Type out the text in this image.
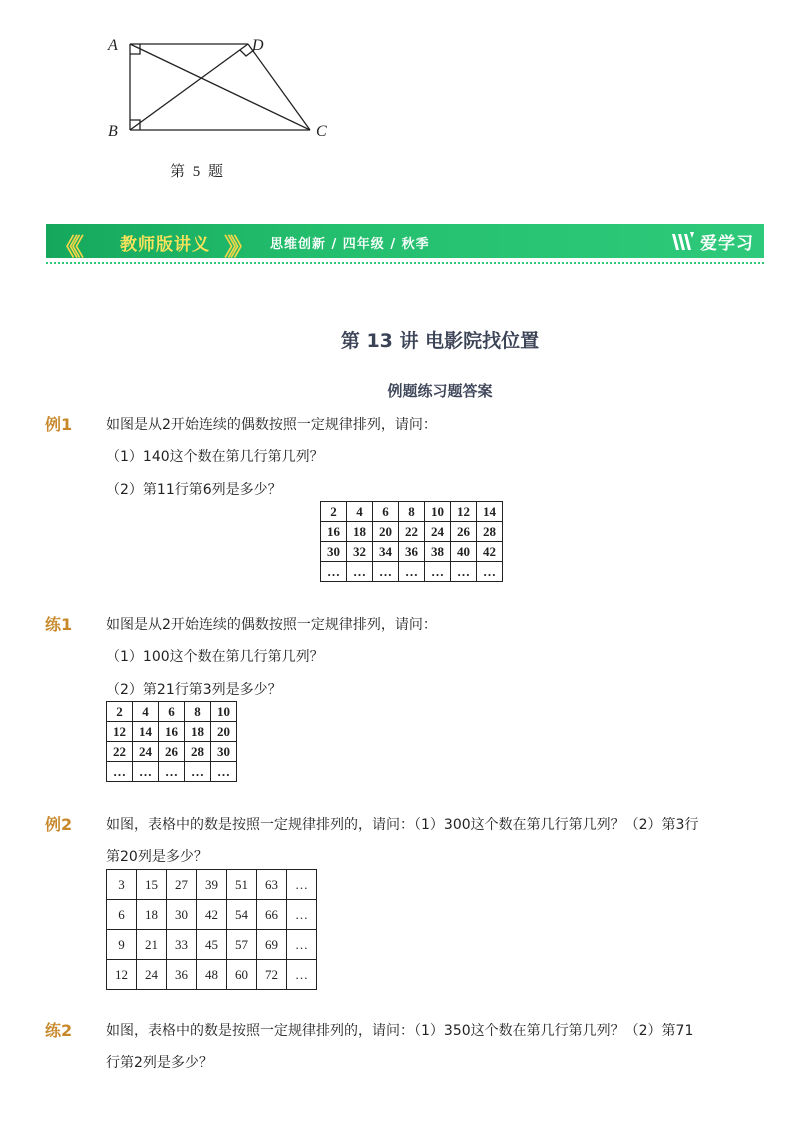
A	D
B	C
第 5 题
《《 教师版讲义 》》 思维创新 / 四年级 / 秋季	爱学习
第 13 讲 电影院找位置
例题练习题答案
例1 如图是从2开始连续的偶数按照一定规律排列，请问：
（1）140这个数在第几行第几列？
（2）第11行第6列是多少？
2	4	6	8	10	12	14
16	18	20	22	24	26	28
30	32	34	36	38	40	42
…	…	…	…	…	…	…
练1 如图是从2开始连续的偶数按照一定规律排列，请问：
（1）100这个数在第几行第几列？
（2）第21行第3列是多少？
2	4	6	8	10
12	14	16	18	20
22	24	26	28	30
…	…	…	…	…
例2 如图，表格中的数是按照一定规律排列的，请问：（1）300这个数在第几行第几列？（2）第3行
第20列是多少？
3	15	27	39	51	63	…
6	18	30	42	54	66	…
9	21	33	45	57	69	…
12	24	36	48	60	72	…
练2 如图，表格中的数是按照一定规律排列的，请问：（1）350这个数在第几行第几列？（2）第71
行第2列是多少？
